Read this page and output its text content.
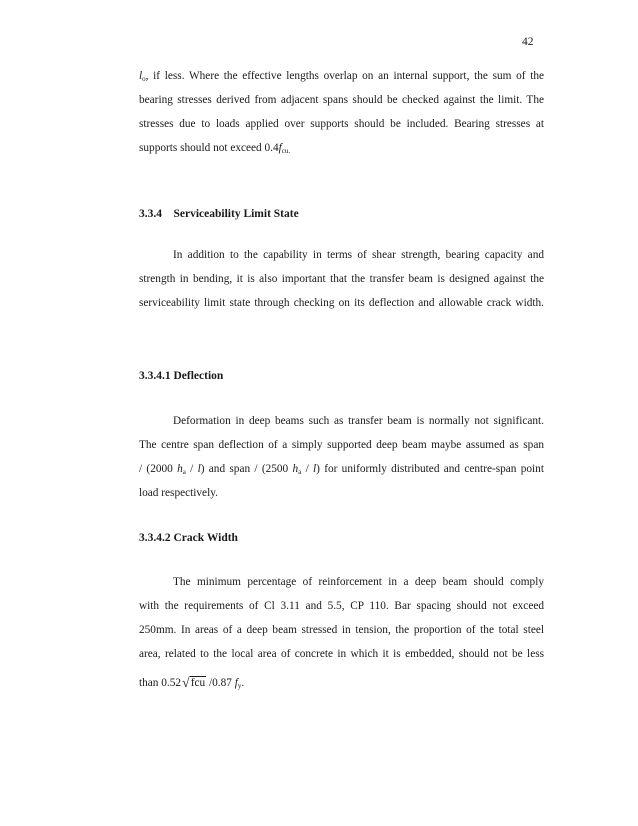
42
$l_o$, if less. Where the effective lengths overlap on an internal support, the sum of the
bearing stresses derived from adjacent spans should be checked against the limit. The
stresses due to loads applied over supports should be included. Bearing stresses at
supports should not exceed $0.4f_{cu.}$
3.3.4    Serviceability Limit State
In addition to the capability in terms of shear strength, bearing capacity and
strength in bending, it is also important that the transfer beam is designed against the
serviceability limit state through checking on its deflection and allowable crack width.
3.3.4.1 Deflection
Deformation in deep beams such as transfer beam is normally not significant.
The centre span deflection of a simply supported deep beam maybe assumed as span
/ (2000 $h_a / l$) and span / (2500 $h_a / l$) for uniformly distributed and centre-span point
load respectively.
3.3.4.2 Crack Width
The minimum percentage of reinforcement in a deep beam should comply
with the requirements of Cl 3.11 and 5.5, CP 110. Bar spacing should not exceed
250mm. In areas of a deep beam stressed in tension, the proportion of the total steel
area, related to the local area of concrete in which it is embedded, should not be less
than 0.52√fcu /0.87 $f_y$.
